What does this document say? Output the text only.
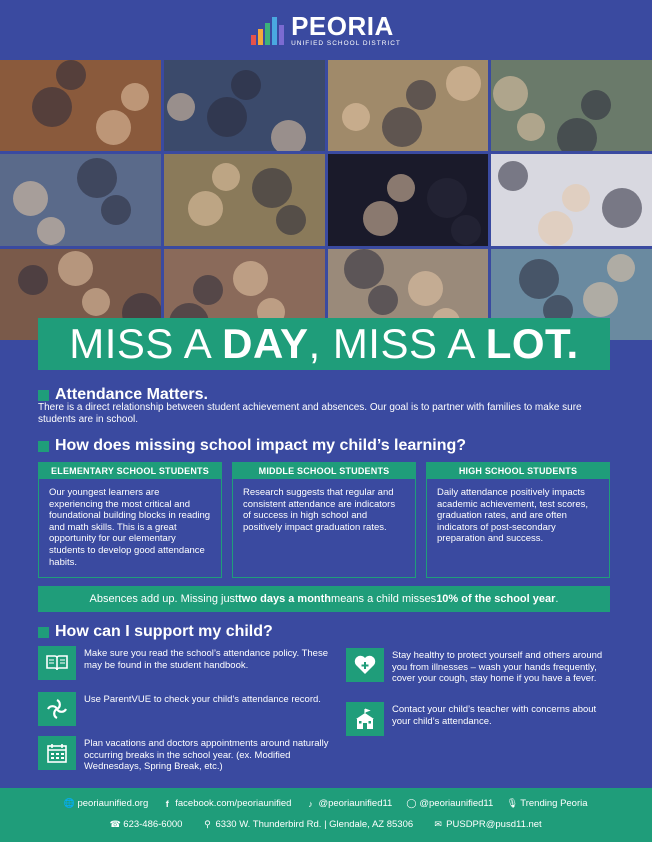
PEORIA
UNIFIED SCHOOL DISTRICT
MISS A DAY, MISS A LOT.
Attendance Matters.
There is a direct relationship between student achievement and absences. Our goal is to partner with families to make sure students are in school.
How does missing school impact my child’s learning?
ELEMENTARY SCHOOL STUDENTS
Our youngest learners are experiencing the most critical and foundational building blocks in reading and math skills. This is a great opportunity for our elementary students to develop good attendance habits.
MIDDLE SCHOOL STUDENTS
Research suggests that regular and consistent attendance are indicators of success in high school and positively impact graduation rates.
HIGH SCHOOL STUDENTS
Daily attendance positively impacts academic achievement, test scores, graduation rates, and are often indicators of post-secondary preparation and success.
Absences add up. Missing just two days a month means a child misses 10% of the school year .
How can I support my child?
Make sure you read the school’s attendance policy. These may be found in the student handbook.
Use ParentVUE to check your child’s attendance record.
Plan vacations and doctors appointments around naturally occurring breaks in the school year. (ex. Modified Wednesdays, Spring Break, etc.)
Stay healthy to protect yourself and others around you from illnesses – wash your hands frequently, cover your cough, stay home if you have a fever.
Contact your child’s teacher with concerns about your child’s attendance.
🌐 peoriaunified.org	f facebook.com/peoriaunified	♪ @peoriaunified11 ◯ @peoriaunified11 🎙 Trending Peoria
☎ 623-486-6000 ⚲ 6330 W. Thunderbird Rd. | Glendale, AZ 85306 ✉ PUSDPR@pusd11.net
